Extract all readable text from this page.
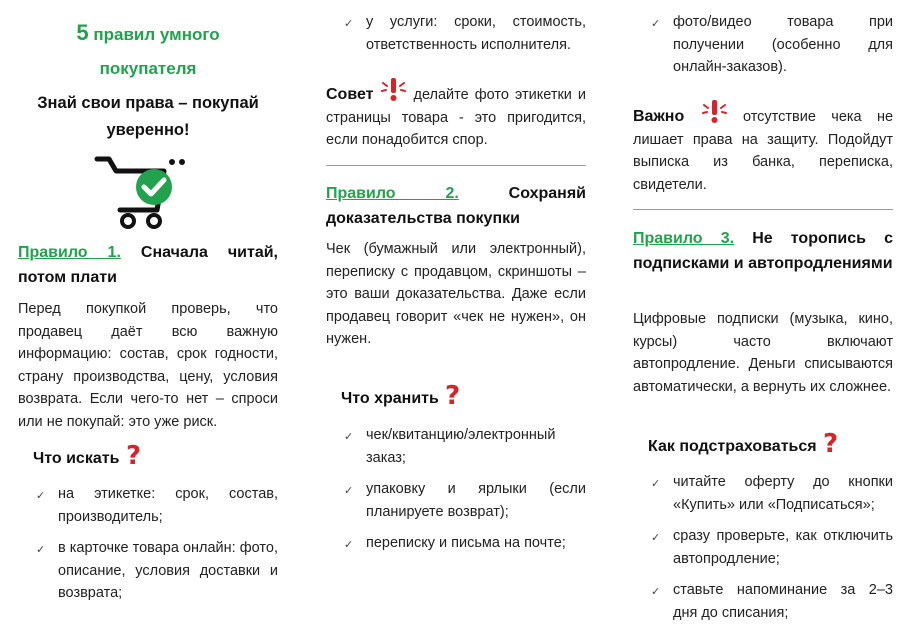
5 правил умного
покупателя
Знай свои права – покупай
уверенно!
Правило 1. Сначала читай, потом плати

Перед покупкой проверь, что продавец даёт всю важную информацию: состав, срок годности, страну производства, цену, условия возврата. Если чего-то нет – спроси или не покупай: это уже риск.

Что искать ?
✓ на этикетке: срок, состав, производитель;
✓ в карточке товара онлайн: фото, описание, условия доставки и возврата;
✓ у услуги: сроки, стоимость, ответственность исполнителя.

Совет	делайте фото этикетки и страницы товара - это пригодится, если понадобится спор.

Правило 2.	Сохраняй доказательства покупки

Чек (бумажный или электронный), переписку с продавцом, скриншоты – это ваши доказательства. Даже если продавец говорит «чек не нужен», он нужен.

Что хранить ?
✓ чек/квитанцию/электронный заказ;
✓ упаковку и ярлыки (если планируете возврат);
✓ переписку и письма на почте;
✓ фото/видео товара при получении (особенно для онлайн-заказов).

Важно	отсутствие чека не лишает права на защиту. Подойдут выписка из банка, переписка, свидетели.

Правило 3. Не торопись с подписками и автопродлениями

Цифровые подписки (музыка, кино, курсы) часто включают автопродление. Деньги списываются автоматически, а вернуть их сложнее.

Как подстраховаться ?
✓ читайте оферту до кнопки «Купить» или «Подписаться»;
✓ сразу проверьте, как отключить автопродление;
✓ ставьте напоминание за 2–3 дня до списания;
